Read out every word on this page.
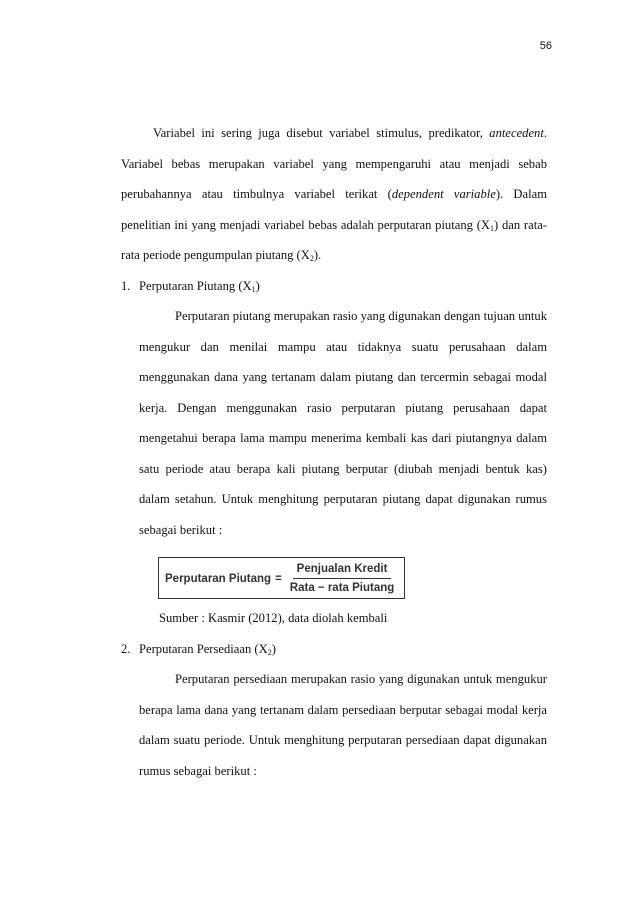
56

Variabel ini sering juga disebut variabel stimulus, predikator, antecedent. Variabel bebas merupakan variabel yang mempengaruhi atau menjadi sebab perubahannya atau timbulnya variabel terikat (dependent variable). Dalam penelitian ini yang menjadi variabel bebas adalah perputaran piutang $(X_1)$ dan rata-rata periode pengumpulan piutang $(X_2)$.

1. Perputaran Piutang $(X_1)$

Perputaran piutang merupakan rasio yang digunakan dengan tujuan untuk mengukur dan menilai mampu atau tidaknya suatu perusahaan dalam menggunakan dana yang tertanam dalam piutang dan tercermin sebagai modal kerja. Dengan menggunakan rasio perputaran piutang perusahaan dapat mengetahui berapa lama mampu menerima kembali kas dari piutangnya dalam satu periode atau berapa kali piutang berputar (diubah menjadi bentuk kas) dalam setahun. Untuk menghitung perputaran piutang dapat digunakan rumus sebagai berikut :

Perputaran $Piutang = \frac{\text{Penjualan Kredit}}{\text{Rata − rata Piutang}}$

Sumber : Kasmir (2012), data diolah kembali

2. Perputaran Persediaan $(X_2)$

Perputaran persediaan merupakan rasio yang digunakan untuk mengukur berapa lama dana yang tertanam dalam persediaan berputar sebagai modal kerja dalam suatu periode. Untuk menghitung perputaran persediaan dapat digunakan rumus sebagai berikut :
